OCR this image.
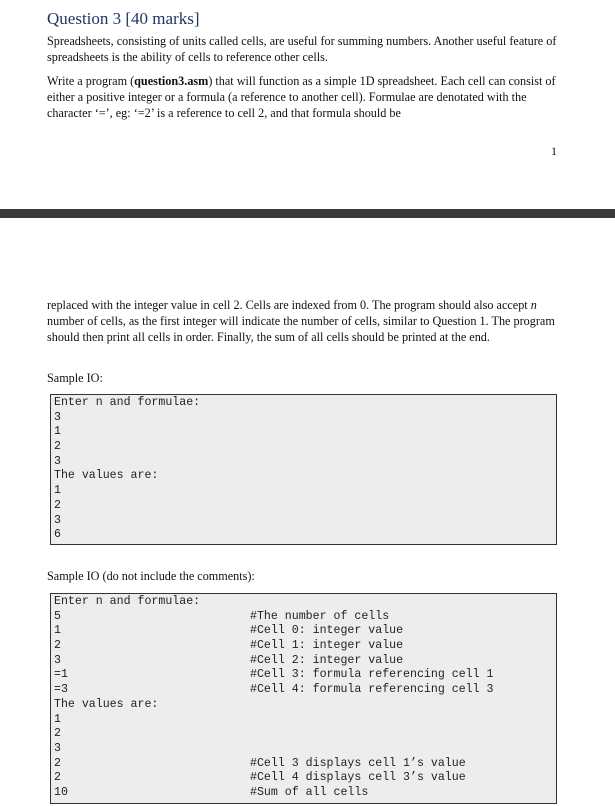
Question 3 [40 marks]

Spreadsheets, consisting of units called cells, are useful for summing numbers. Another useful feature of spreadsheets is the ability of cells to reference other cells.

Write a program (question3.asm) that will function as a simple 1D spreadsheet. Each cell can consist of either a positive integer or a formula (a reference to another cell). Formulae are denotated with the character ‘=’, eg: ‘=2’ is a reference to cell 2, and that formula should be

1

replaced with the integer value in cell 2. Cells are indexed from 0. The program should also accept n number of cells, as the first integer will indicate the number of cells, similar to Question 1. The program should then print all cells in order. Finally, the sum of all cells should be printed at the end.

Sample IO:

Enter n and formulae:
3
1
2
3
The values are:
1
2
3
6

Sample IO (do not include the comments):

Enter n and formulae:
5	#The number of cells
1	#Cell 0: integer value
2	#Cell 1: integer value
3	#Cell 2: integer value
=1	#Cell 3: formula referencing cell 1
=3	#Cell 4: formula referencing cell 3
The values are:
1
2
3
2	#Cell 3 displays cell 1’s value
2	#Cell 4 displays cell 3’s value
10	#Sum of all cells
